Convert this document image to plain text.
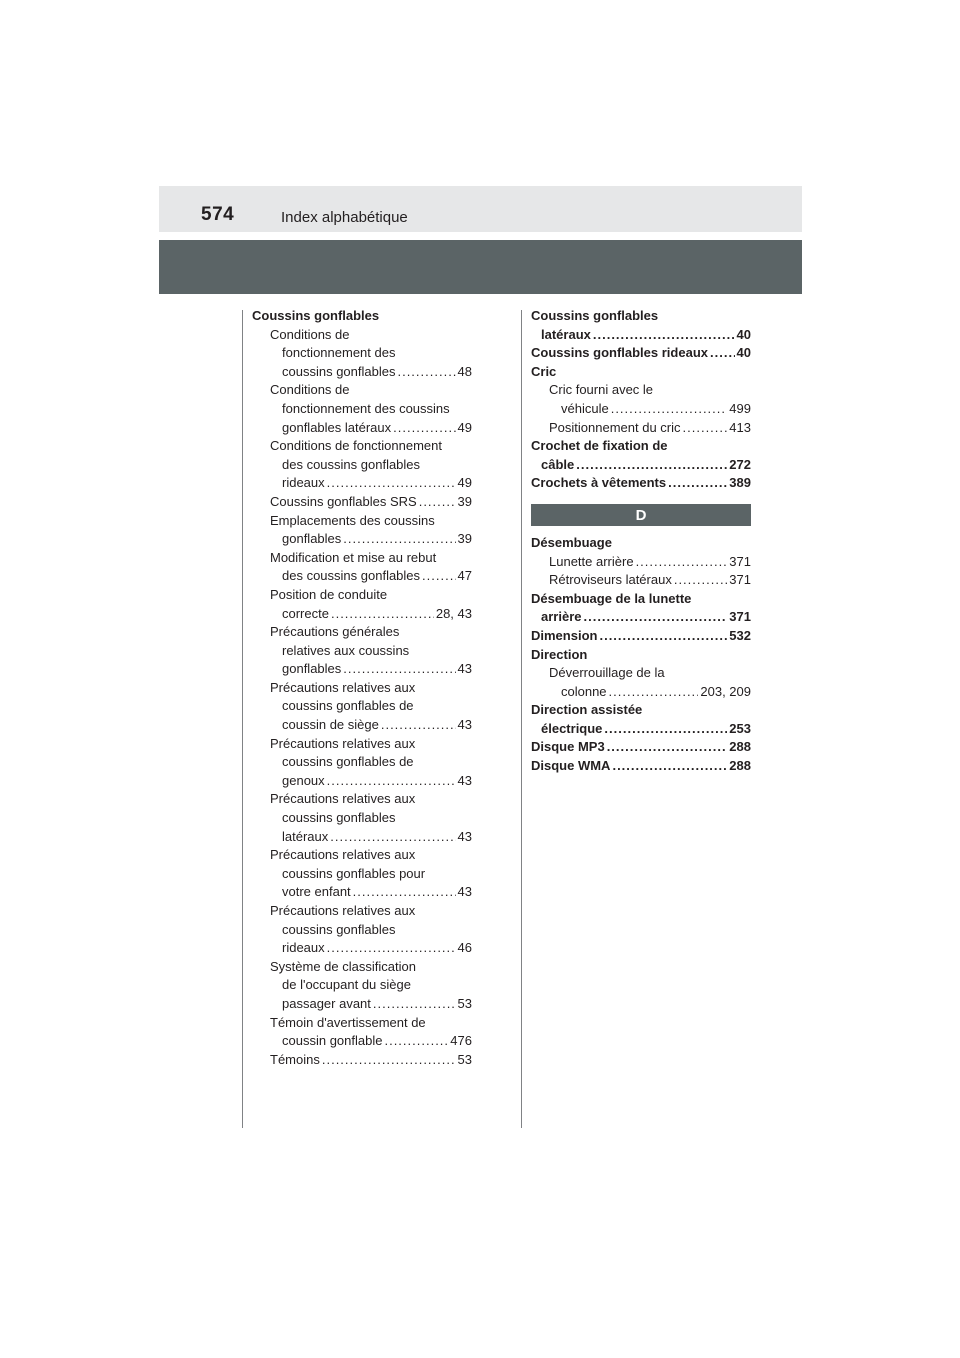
574	Index alphabétique
Coussins gonflables
Conditions de
fonctionnement des
coussins gonflables .....	48
Conditions de
fonctionnement des coussins
gonflables latéraux .....	49
Conditions de fonctionnement
des coussins gonflables
rideaux .....	49
Coussins gonflables SRS .....	39
Emplacements des coussins
gonflables .....	39
Modification et mise au rebut
des coussins gonflables .....	47
Position de conduite
correcte .....	28, 43
Précautions générales
relatives aux coussins
gonflables .....	43
Précautions relatives aux
coussins gonflables de
coussin de siège .....	43
Précautions relatives aux
coussins gonflables de
genoux .....	43
Précautions relatives aux
coussins gonflables
latéraux .....	43
Précautions relatives aux
coussins gonflables pour
votre enfant .....	43
Précautions relatives aux
coussins gonflables
rideaux .....	46
Système de classification
de l'occupant du siège
passager avant .....	53
Témoin d'avertissement de
coussin gonflable .....	476
Témoins .....	53
Coussins gonflables
latéraux .....	40
Coussins gonflables rideaux ..... 40
Cric
Cric fourni avec le
véhicule .....	499
Positionnement du cric .....	413
Crochet de fixation de
câble .....	272
Crochets à vêtements .....	389
D
Désembuage
Lunette arrière .....	371
Rétroviseurs latéraux .....	371
Désembuage de la lunette
arrière .....	371
Dimension .....	532
Direction
Déverrouillage de la
colonne .....	203, 209
Direction assistée
électrique .....	253
Disque MP3 .....	288
Disque WMA .....	288
